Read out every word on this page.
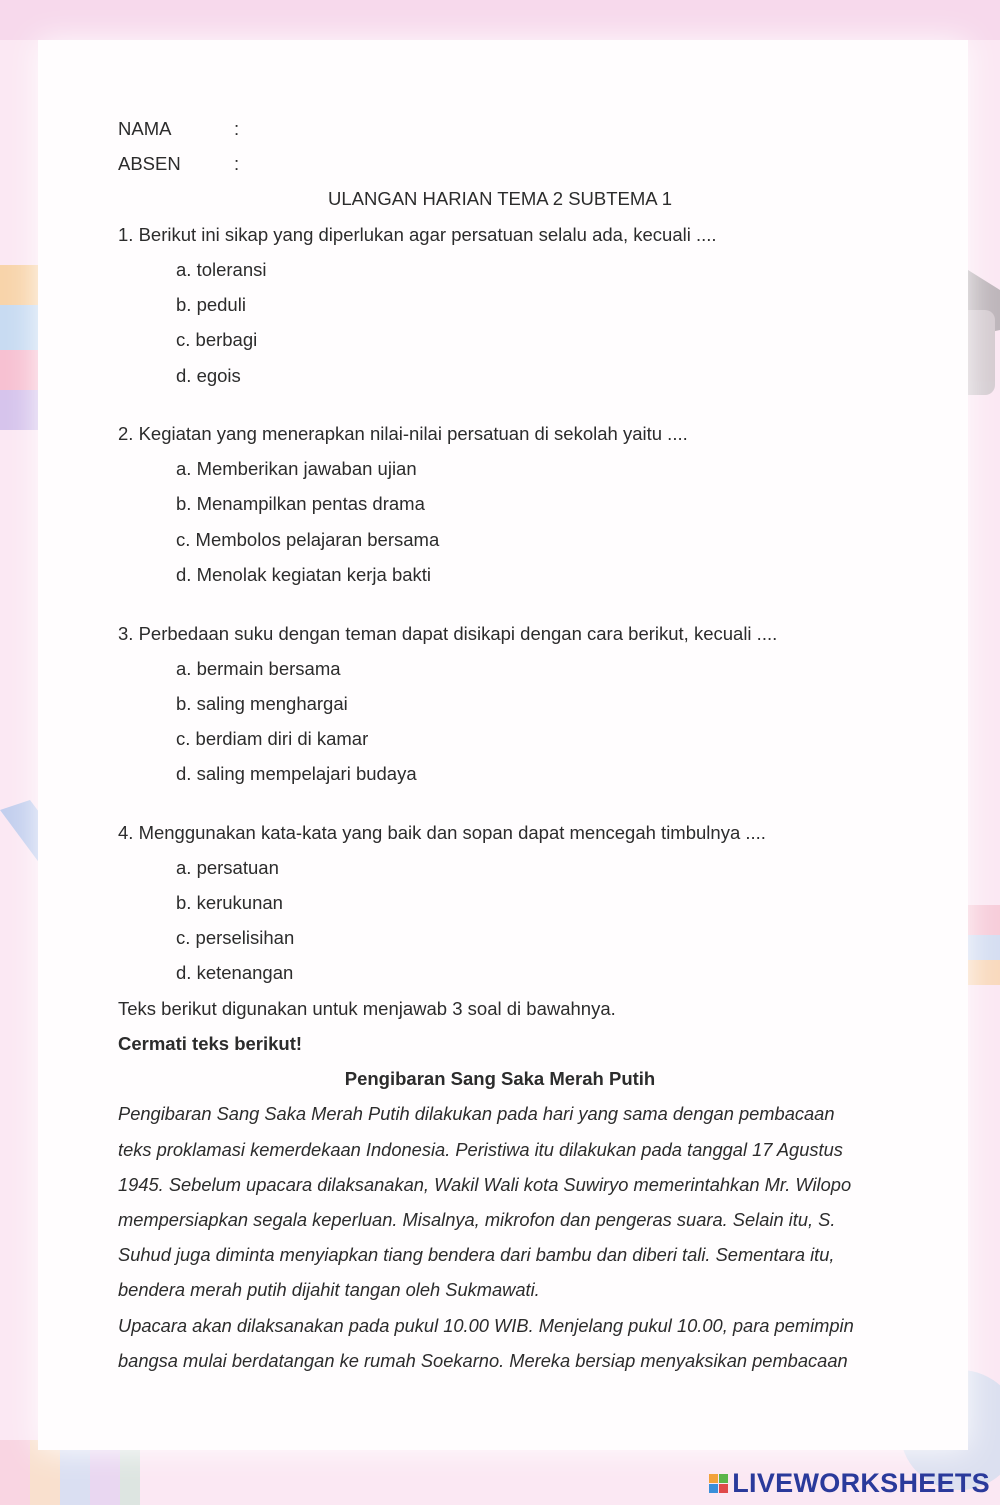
NAMA	:
ABSEN	:
ULANGAN HARIAN TEMA 2 SUBTEMA 1
1. Berikut ini sikap yang diperlukan agar persatuan selalu ada, kecuali ....
a. toleransi
b. peduli
c. berbagi
d. egois
2. Kegiatan yang menerapkan nilai-nilai persatuan di sekolah yaitu ....
a. Memberikan jawaban ujian
b. Menampilkan pentas drama
c. Membolos pelajaran bersama
d. Menolak kegiatan kerja bakti
3. Perbedaan suku dengan teman dapat disikapi dengan cara berikut, kecuali ....
a. bermain bersama
b. saling menghargai
c. berdiam diri di kamar
d. saling mempelajari budaya
4. Menggunakan kata-kata yang baik dan sopan dapat mencegah timbulnya ....
a. persatuan
b. kerukunan
c. perselisihan
d. ketenangan
Teks berikut digunakan untuk menjawab 3 soal di bawahnya.
Cermati teks berikut!
Pengibaran Sang Saka Merah Putih
Pengibaran Sang Saka Merah Putih dilakukan pada hari yang sama dengan pembacaan
teks proklamasi kemerdekaan Indonesia. Peristiwa itu dilakukan pada tanggal 17 Agustus
1945. Sebelum upacara dilaksanakan, Wakil Wali kota Suwiryo memerintahkan Mr. Wilopo
mempersiapkan segala keperluan. Misalnya, mikrofon dan pengeras suara. Selain itu, S.
Suhud juga diminta menyiapkan tiang bendera dari bambu dan diberi tali. Sementara itu,
bendera merah putih dijahit tangan oleh Sukmawati.
Upacara akan dilaksanakan pada pukul 10.00 WIB. Menjelang pukul 10.00, para pemimpin
bangsa mulai berdatangan ke rumah Soekarno. Mereka bersiap menyaksikan pembacaan
LIVEWORKSHEETS
